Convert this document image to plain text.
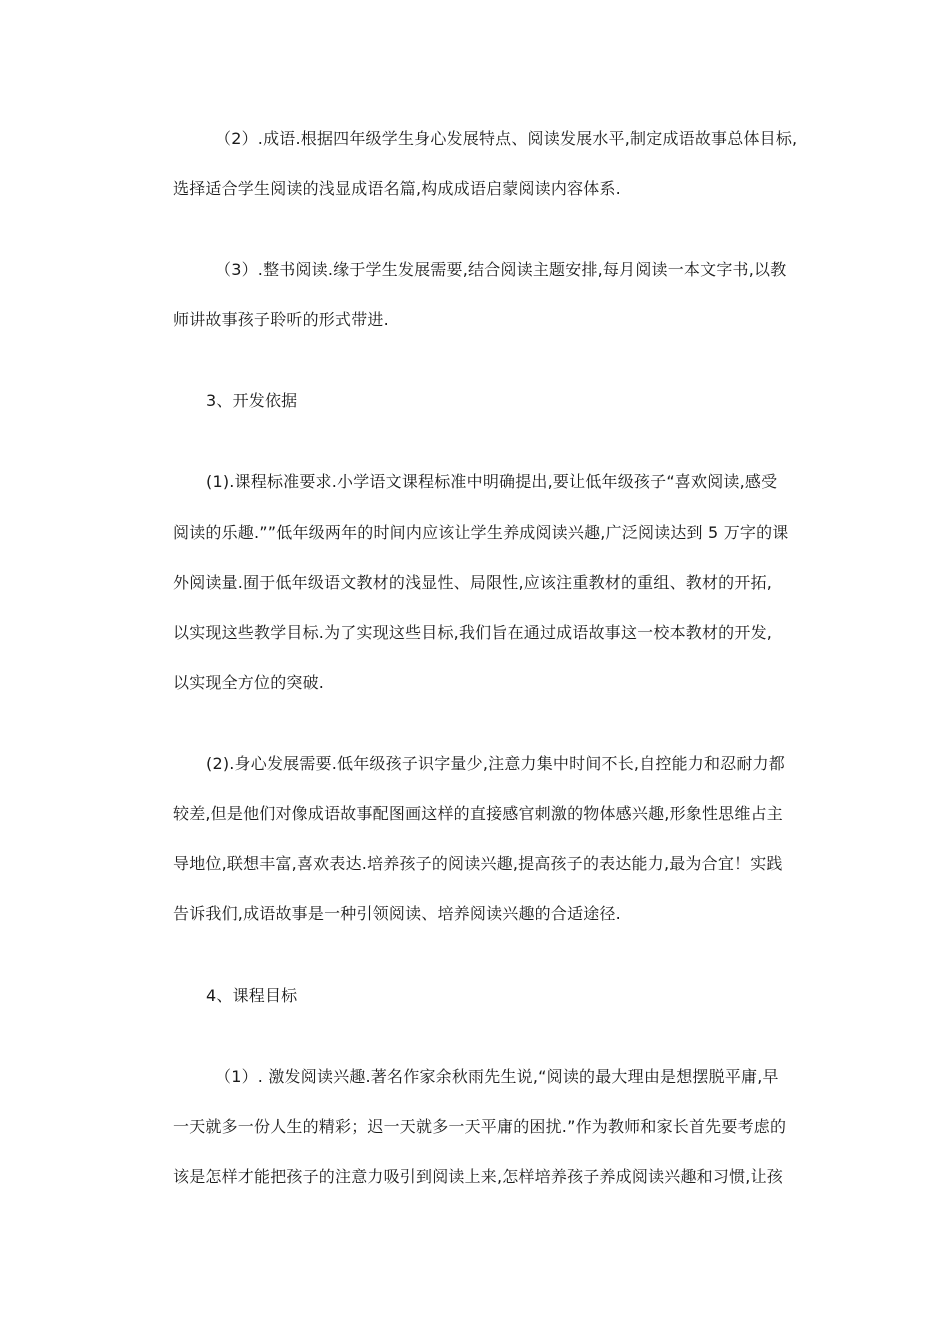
（2）.成语.根据四年级学生身心发展特点、阅读发展水平,制定成语故事总体目标,
选择适合学生阅读的浅显成语名篇,构成成语启蒙阅读内容体系.
（3）.整书阅读.缘于学生发展需要,结合阅读主题安排,每月阅读一本文字书,以教
师讲故事孩子聆听的形式带进.
3、开发依据
(1).课程标准要求.小学语文课程标准中明确提出,要让低年级孩子“喜欢阅读,感受
阅读的乐趣.””低年级两年的时间内应该让学生养成阅读兴趣,广泛阅读达到 5 万字的课
外阅读量.囿于低年级语文教材的浅显性、局限性,应该注重教材的重组、教材的开拓,
以实现这些教学目标.为了实现这些目标,我们旨在通过成语故事这一校本教材的开发,
以实现全方位的突破.
(2).身心发展需要.低年级孩子识字量少,注意力集中时间不长,自控能力和忍耐力都
较差,但是他们对像成语故事配图画这样的直接感官刺激的物体感兴趣,形象性思维占主
导地位,联想丰富,喜欢表达.培养孩子的阅读兴趣,提高孩子的表达能力,最为合宜！实践
告诉我们,成语故事是一种引领阅读、培养阅读兴趣的合适途径.
4、课程目标
（1）. 激发阅读兴趣.著名作家余秋雨先生说,“阅读的最大理由是想摆脱平庸,早
一天就多一份人生的精彩；迟一天就多一天平庸的困扰.”作为教师和家长首先要考虑的
该是怎样才能把孩子的注意力吸引到阅读上来,怎样培养孩子养成阅读兴趣和习惯,让孩
